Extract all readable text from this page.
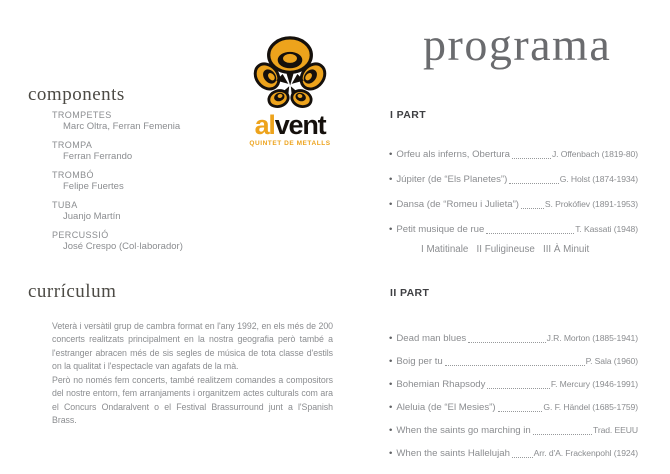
components
TROMPETES
Marc Oltra, Ferran Femenia
TROMPA
Ferran Ferrando
TROMBÓ
Felipe Fuertes
TUBA
Juanjo Martín
PERCUSSIÓ
José Crespo (Col·laborador)
currículum
Veterà i versàtil grup de cambra format en l'any 1992, en els més de 200 concerts realitzats principalment en la nostra geografia però també a l'estranger abracen més de sis segles de música de tota classe d'estils on la qualitat i l'espectacle van agafats de la mà.
Però no només fem concerts, també realitzem comandes a compositors del nostre entorn, fem arranjaments i organitzem actes culturals com ara el Concurs Ondaralvent o el Festival Brassurround junt a l'Spanish Brass.
alvent
QUINTET DE METALLS
programa
I PART
• Orfeu als inferns, Obertura	J. Offenbach (1819-80)
• Júpiter (de “Els Planetes”)	G. Holst (1874-1934)
• Dansa (de “Romeu i Julieta”)	S. Prokófiev (1891-1953)
• Petit musique de rue	T. Kassati (1948)
I Matitinale   II Fuligineuse   III À Minuit
II PART
• Dead man blues	J.R. Morton (1885-1941)
• Boig per tu	P. Sala (1960)
• Bohemian Rhapsody	F. Mercury (1946-1991)
• Aleluia (de “El Mesies”)	G. F. Händel (1685-1759)
• When the saints go marching in	Trad. EEUU
• When the saints Hallelujah	Arr. d'A. Frackenpohl (1924)
